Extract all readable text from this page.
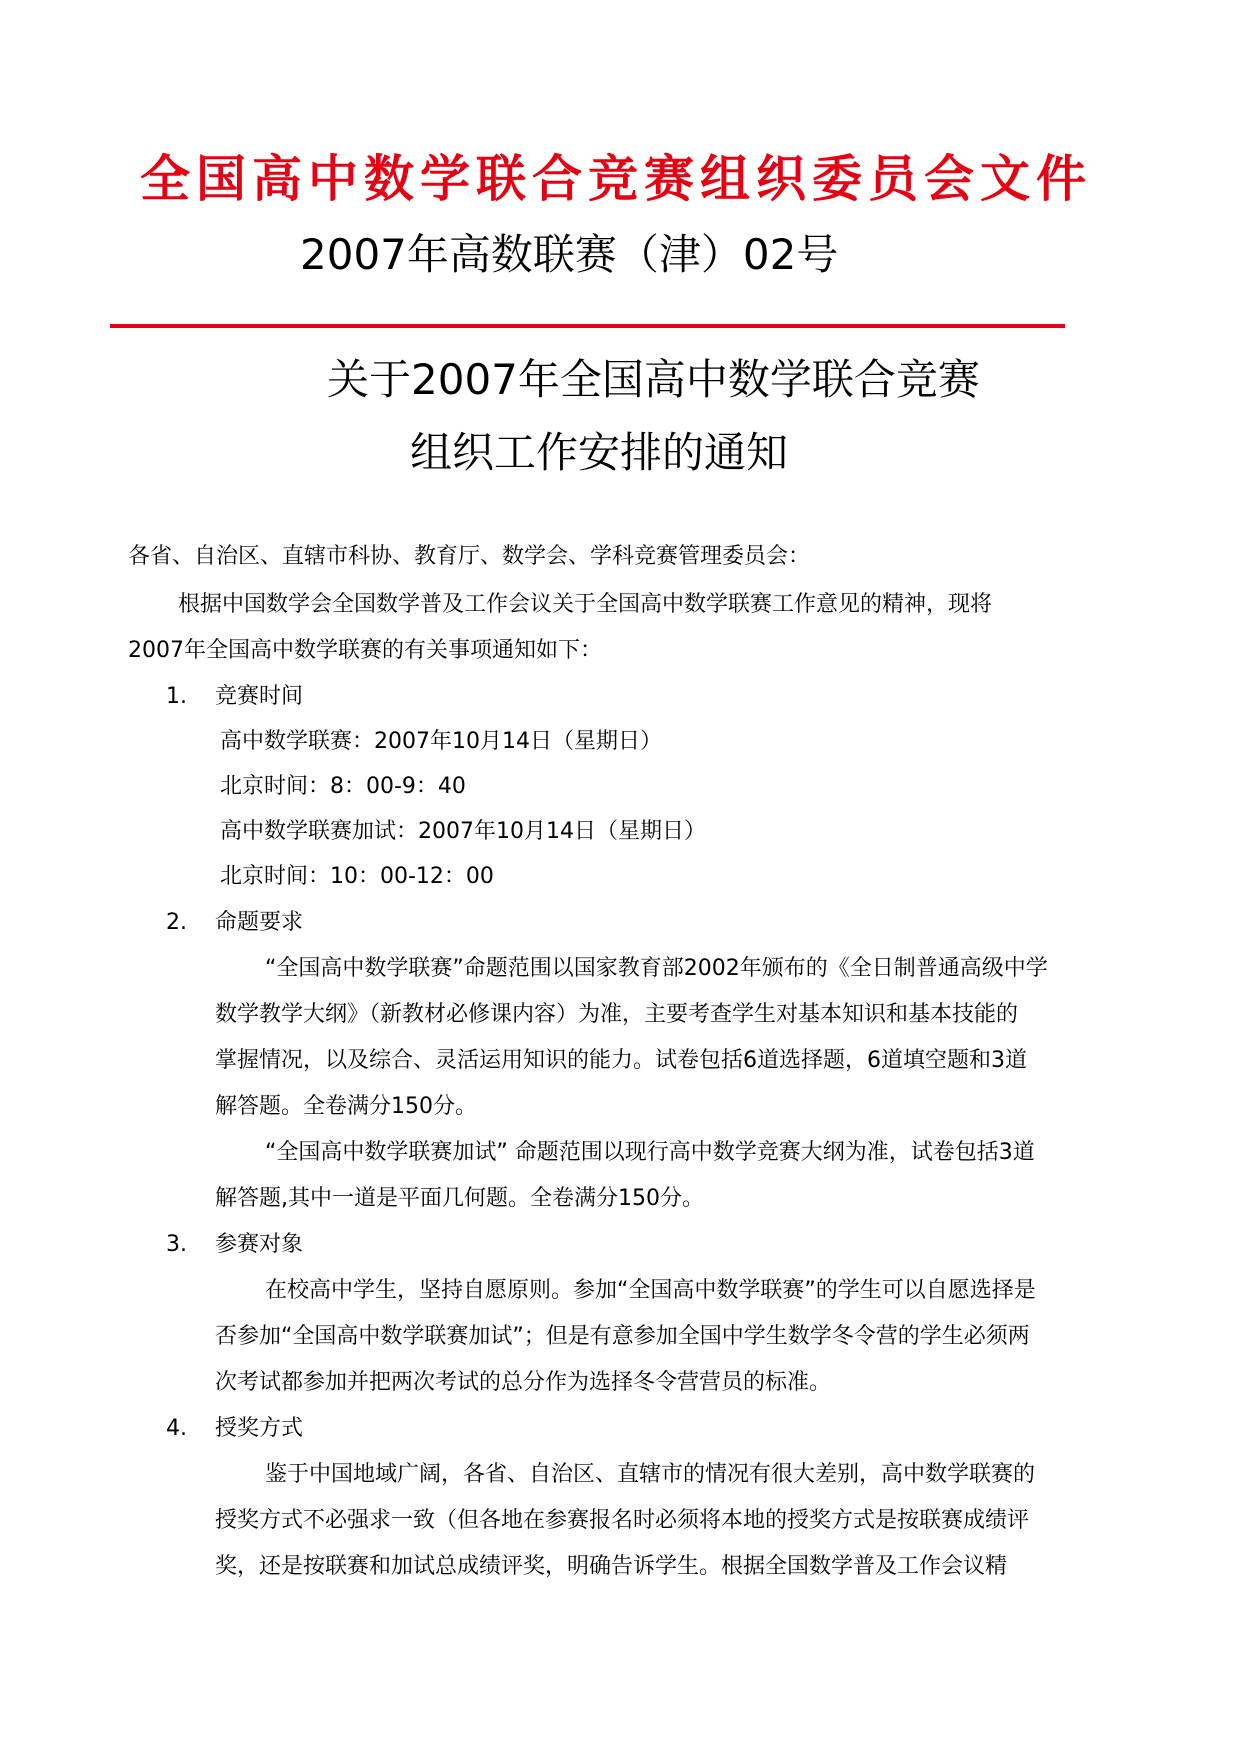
全国高中数学联合竞赛组织委员会文件
2007年高数联赛（津）02号
关于2007年全国高中数学联合竞赛
组织工作安排的通知
各省、自治区、直辖市科协、教育厅、数学会、学科竞赛管理委员会：
根据中国数学会全国数学普及工作会议关于全国高中数学联赛工作意见的精神，现将
2007年全国高中数学联赛的有关事项通知如下：
1. 竞赛时间
高中数学联赛：2007年10月14日（星期日）
北京时间：8：00-9：40
高中数学联赛加试：2007年10月14日（星期日）
北京时间：10：00-12：00
2. 命题要求
“全国高中数学联赛”命题范围以国家教育部2002年颁布的《全日制普通高级中学
数学教学大纲》（新教材必修课内容）为准，主要考查学生对基本知识和基本技能的
掌握情况，以及综合、灵活运用知识的能力。试卷包括6道选择题，6道填空题和3道
解答题。全卷满分150分。
“全国高中数学联赛加试” 命题范围以现行高中数学竞赛大纲为准，试卷包括3道
解答题,其中一道是平面几何题。全卷满分150分。
3. 参赛对象
在校高中学生，坚持自愿原则。参加“全国高中数学联赛”的学生可以自愿选择是
否参加“全国高中数学联赛加试”；但是有意参加全国中学生数学冬令营的学生必须两
次考试都参加并把两次考试的总分作为选择冬令营营员的标准。
4. 授奖方式
鉴于中国地域广阔，各省、自治区、直辖市的情况有很大差别，高中数学联赛的
授奖方式不必强求一致（但各地在参赛报名时必须将本地的授奖方式是按联赛成绩评
奖，还是按联赛和加试总成绩评奖，明确告诉学生。根据全国数学普及工作会议精
